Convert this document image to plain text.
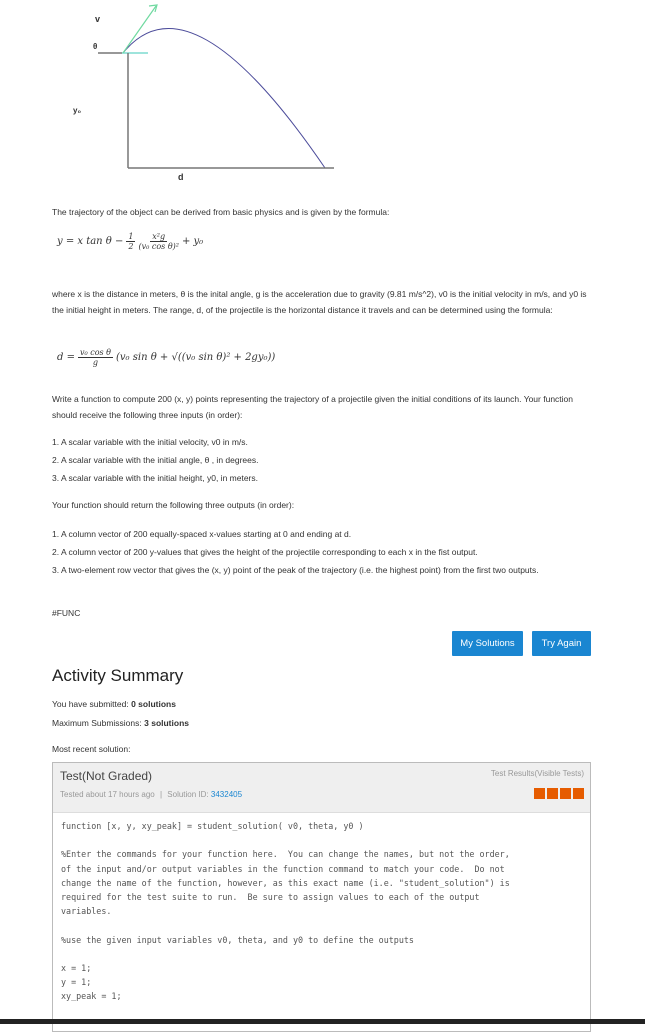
v
θ
y₀
d

The trajectory of the object can be derived from basic physics and is given by the formula:

y = x $\tan \theta - \frac{1}{2} \frac{\text{x²g}}{\text{(v₀ cos θ)²}} + y_0$

where x is the distance in meters, θ is the inital angle, g is the acceleration due to gravity (9.81 m/s^2), v0 is the initial velocity in m/s, and y0 is the initial height in meters. The range, d, of the projectile is the horizontal distance it travels and can be determined using the formula:

$d = \frac{\text{v₀ cos θ}}{g} (v_0$ sin θ + √((v₀ sin θ)² + 2gy₀))

Write a function to compute 200 (x, y) points representing the trajectory of a projectile given the initial conditions of its launch. Your function should receive the following three inputs (in order):

1. A scalar variable with the initial velocity, v0 in m/s.
2. A scalar variable with the initial angle, θ , in degrees.
3. A scalar variable with the initial height, y0, in meters.

Your function should return the following three outputs (in order):

1. A column vector of 200 equally-spaced x-values starting at 0 and ending at d.
2. A column vector of 200 y-values that gives the height of the projectile corresponding to each x in the fist output.
3. A two-element row vector that gives the (x, y) point of the peak of the trajectory (i.e. the highest point) from the first two outputs.

#FUNC

My Solutions	Try Again
Activity Summary
You have submitted: 0 solutions
Maximum Submissions: 3 solutions
Most recent solution:
Test(Not Graded)
Tested about 17 hours ago | Solution ID: 3432405
Test Results(Visible Tests)
function [x, y, xy_peak] = student_solution( v0, theta, y0 )

%Enter the commands for your function here.  You can change the names, but not the order,
of the input and/or output variables in the function command to match your code.  Do not
change the name of the function, however, as this exact name (i.e. "student_solution") is
required for the test suite to run.  Be sure to assign values to each of the output
variables.

%use the given input variables v0, theta, and y0 to define the outputs

x = 1;
y = 1;
xy_peak = 1;
